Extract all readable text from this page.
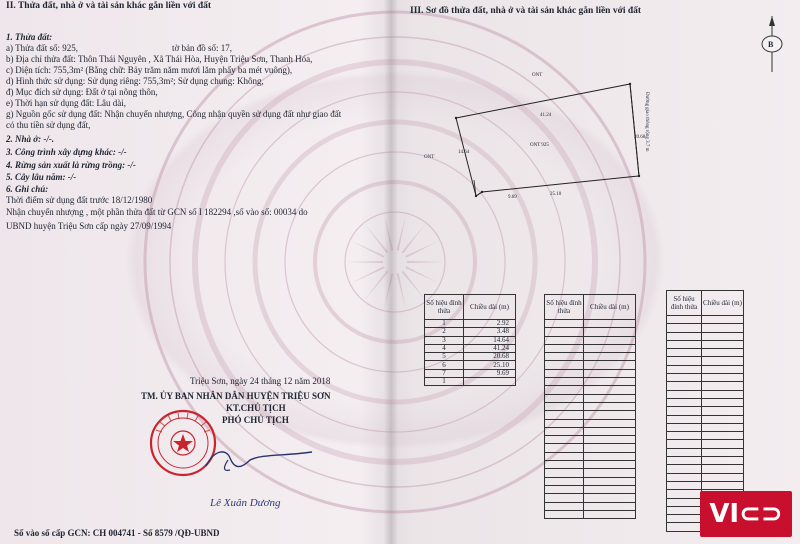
II. Thửa đất, nhà ở và tài sản khác gắn liền với đất
1. Thửa đất:
a) Thửa đất số: 925,	tờ bản đồ số: 17,
b) Địa chỉ thửa đất: Thôn Thái Nguyên , Xã Thái Hòa, Huyện Triệu Sơn, Thanh Hóa,
c) Diện tích: 755,3m² (Bằng chữ: Bảy trăm năm mươi lăm phẩy ba mét vuông),
d) Hình thức sử dụng: Sử dụng riêng: 755,3m²; Sử dụng chung: Không,
đ) Mục đích sử dụng: Đất ở tại nông thôn,
e) Thời hạn sử dụng đất: Lâu dài,
g) Nguồn gốc sử dụng đất: Nhận chuyển nhượng, Công nhận quyền sử dụng đất như giao đất
có thu tiền sử dụng đất,
2. Nhà ở: -/-.
3. Công trình xây dựng khác: -/-
4. Rừng sản xuất là rừng trồng: -/-
5. Cây lâu năm: -/-
6. Ghi chú:
Thời điểm sử dụng đất trước 18/12/1980
Nhận chuyển nhượng , một phần thửa đất từ GCN số I 182294 ,số vào số: 00034 do
UBND huyện Triệu Sơn cấp ngày 27/09/1994
Triệu Sơn, ngày 24 tháng 12 năm 2018
TM. ỦY BAN NHÂN DÂN HUYỆN TRIỆU SƠN
KT.CHỦ TỊCH
PHÓ CHỦ TỊCH
Lê Xuân Dương
Số vào số cấp GCN: CH 004741 - Số 8579 /QĐ-UBND
III. Sơ đồ thửa đất, nhà ở và tài sản khác gắn liền với đất
B
ONT
ONT
ONT 925
41.24
20.68
14.64
25.10
9.69
Đường giao thông rộng 3.7 m
Số hiệu đỉnh thửa	Chiều dài (m)
1	2.92
2	3.48
3	14.64
4	41.24
5	20.68
6	25.10
7	9.69
1	
Số hiệu đỉnh thửa	Chiều dài (m)

Số hiệu đỉnh thửa	Chiều dài (m)

VI⊂⊃
